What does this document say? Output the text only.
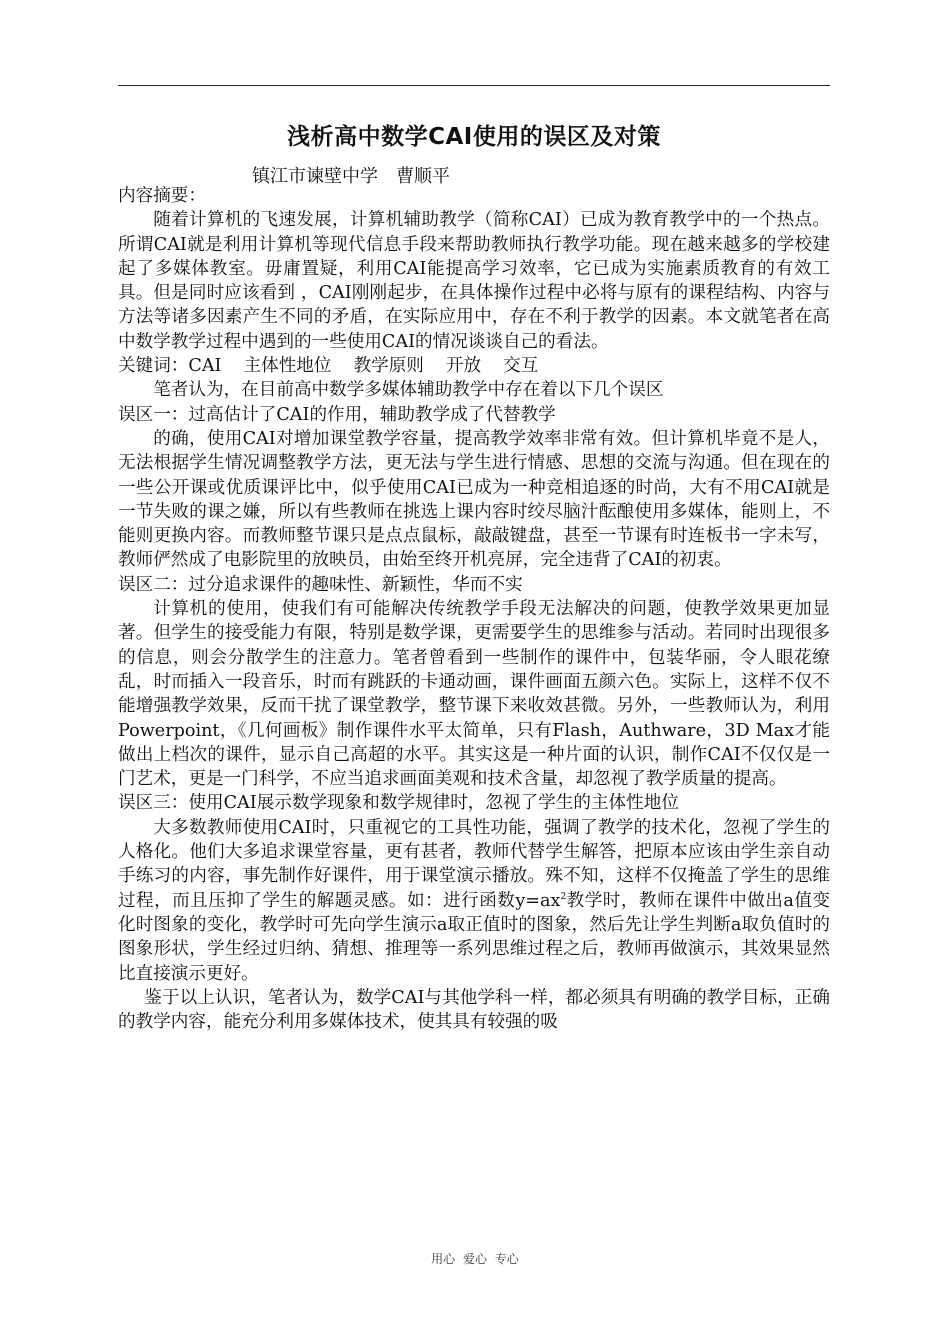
浅析高中数学CAI使用的误区及对策
镇江市谏壁中学　曹顺平

内容摘要：

随着计算机的飞速发展，计算机辅助教学（简称CAI）已成为教育教学中的一个热点。所谓CAI就是利用计算机等现代信息手段来帮助教师执行教学功能。现在越来越多的学校建起了多媒体教室。毋庸置疑，利用CAI能提高学习效率，它已成为实施素质教育的有效工具。但是同时应该看到 ，CAI刚刚起步，在具体操作过程中必将与原有的课程结构、内容与方法等诸多因素产生不同的矛盾，在实际应用中，存在不利于教学的因素。本文就笔者在高中数学教学过程中遇到的一些使用CAI的情况谈谈自己的看法。

关键词：CAI 主体性地位 教学原则 开放 交互

笔者认为，在目前高中数学多媒体辅助教学中存在着以下几个误区

误区一：过高估计了CAI的作用，辅助教学成了代替教学

的确，使用CAI对增加课堂教学容量，提高教学效率非常有效。但计算机毕竟不是人，无法根据学生情况调整教学方法，更无法与学生进行情感、思想的交流与沟通。但在现在的一些公开课或优质课评比中，似乎使用CAI已成为一种竞相追逐的时尚，大有不用CAI就是一节失败的课之嫌，所以有些教师在挑选上课内容时绞尽脑汁酝酿使用多媒体，能则上，不能则更换内容。而教师整节课只是点点鼠标，敲敲键盘，甚至一节课有时连板书一字未写，教师俨然成了电影院里的放映员，由始至终开机亮屏，完全违背了CAI的初衷。

误区二：过分追求课件的趣味性、新颖性，华而不实

计算机的使用，使我们有可能解决传统教学手段无法解决的问题，使教学效果更加显著。但学生的接受能力有限，特别是数学课，更需要学生的思维参与活动。若同时出现很多的信息，则会分散学生的注意力。笔者曾看到一些制作的课件中，包装华丽，令人眼花缭乱，时而插入一段音乐，时而有跳跃的卡通动画，课件画面五颜六色。实际上，这样不仅不能增强教学效果，反而干扰了课堂教学，整节课下来收效甚微。另外，一些教师认为，利用Powerpoint，《几何画板》制作课件水平太简单，只有Flash，Authware，3D Max才能做出上档次的课件，显示自己高超的水平。其实这是一种片面的认识，制作CAI不仅仅是一门艺术，更是一门科学，不应当追求画面美观和技术含量，却忽视了教学质量的提高。

误区三：使用CAI展示数学现象和数学规律时，忽视了学生的主体性地位

大多数教师使用CAI时，只重视它的工具性功能，强调了教学的技术化，忽视了学生的人格化。他们大多追求课堂容量，更有甚者，教师代替学生解答，把原本应该由学生亲自动手练习的内容，事先制作好课件，用于课堂演示播放。殊不知，这样不仅掩盖了学生的思维过程，而且压抑了学生的解题灵感。如：进行函数$y=ax^2$教学时，教师在课件中做出a值变化时图象的变化，教学时可先向学生演示a取正值时的图象，然后先让学生判断a取负值时的图象形状，学生经过归纳、猜想、推理等一系列思维过程之后，教师再做演示，其效果显然比直接演示更好。

鉴于以上认识，笔者认为，数学CAI与其他学科一样，都必须具有明确的教学目标，正确的教学内容，能充分利用多媒体技术，使其具有较强的吸

用心 爱心 专心
